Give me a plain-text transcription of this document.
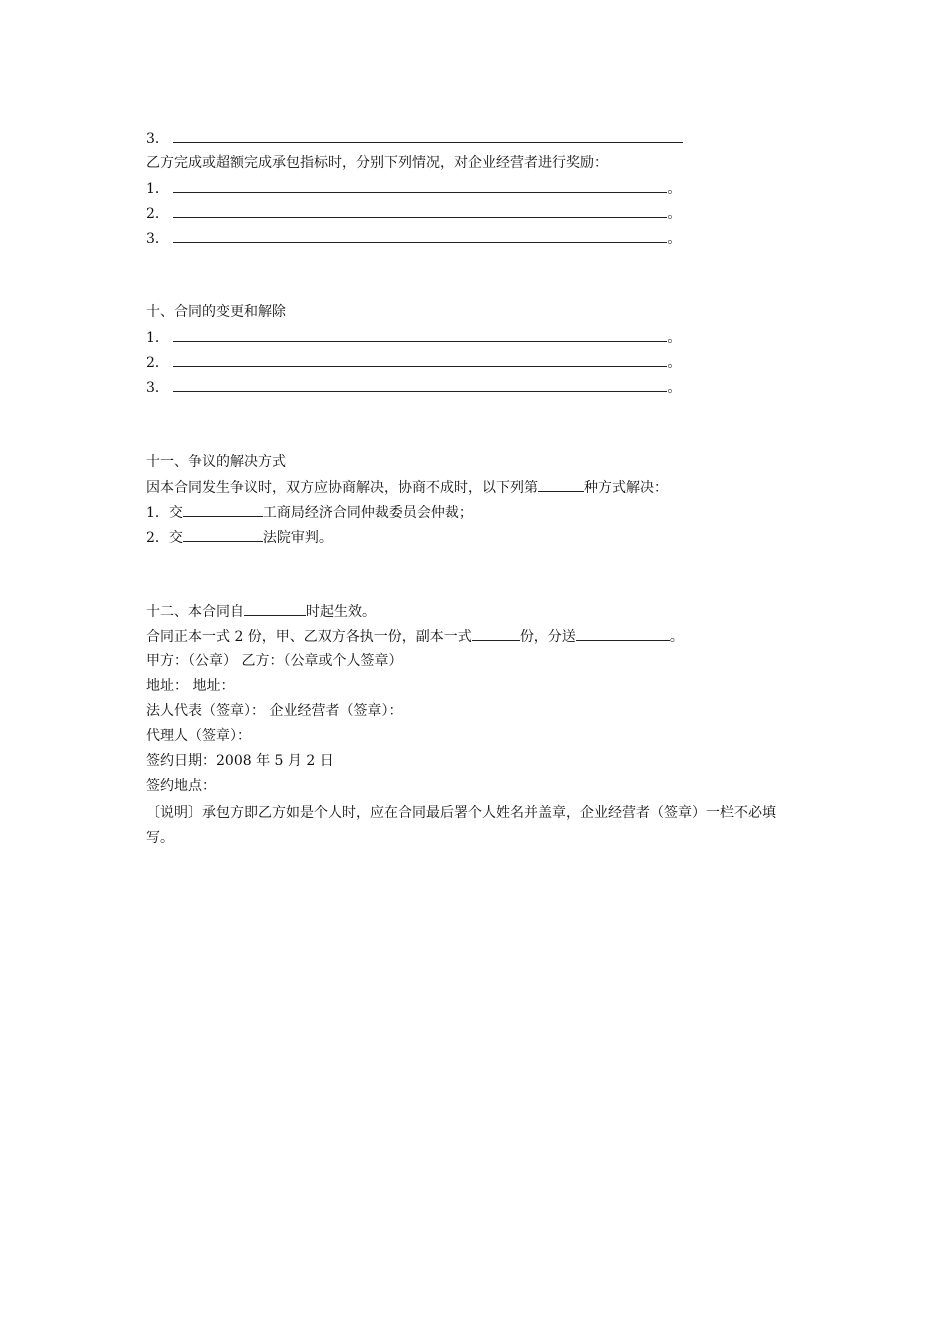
3．
乙方完成或超额完成承包指标时，分别下列情况，对企业经营者进行奖励：
1．	。
2．	。
3．	。
十、合同的变更和解除
1．	。
2．	。
3．	。
十一、争议的解决方式
因本合同发生争议时，双方应协商解决，协商不成时，以下列第	种方式解决：
1．交	工商局经济合同仲裁委员会仲裁；
2．交	法院审判。
十二、本合同自	时起生效。
合同正本一式 2 份，甲、乙双方各执一份，副本一式	份，分送	。
甲方：（公章） 乙方：（公章或个人签章）
地址： 地址：
法人代表（签章）： 企业经营者（签章）：
代理人（签章）：
签约日期：2008 年 5 月 2 日
签约地点：
〔说明〕承包方即乙方如是个人时，应在合同最后署个人姓名并盖章，企业经营者（签章）一栏不必填写。
